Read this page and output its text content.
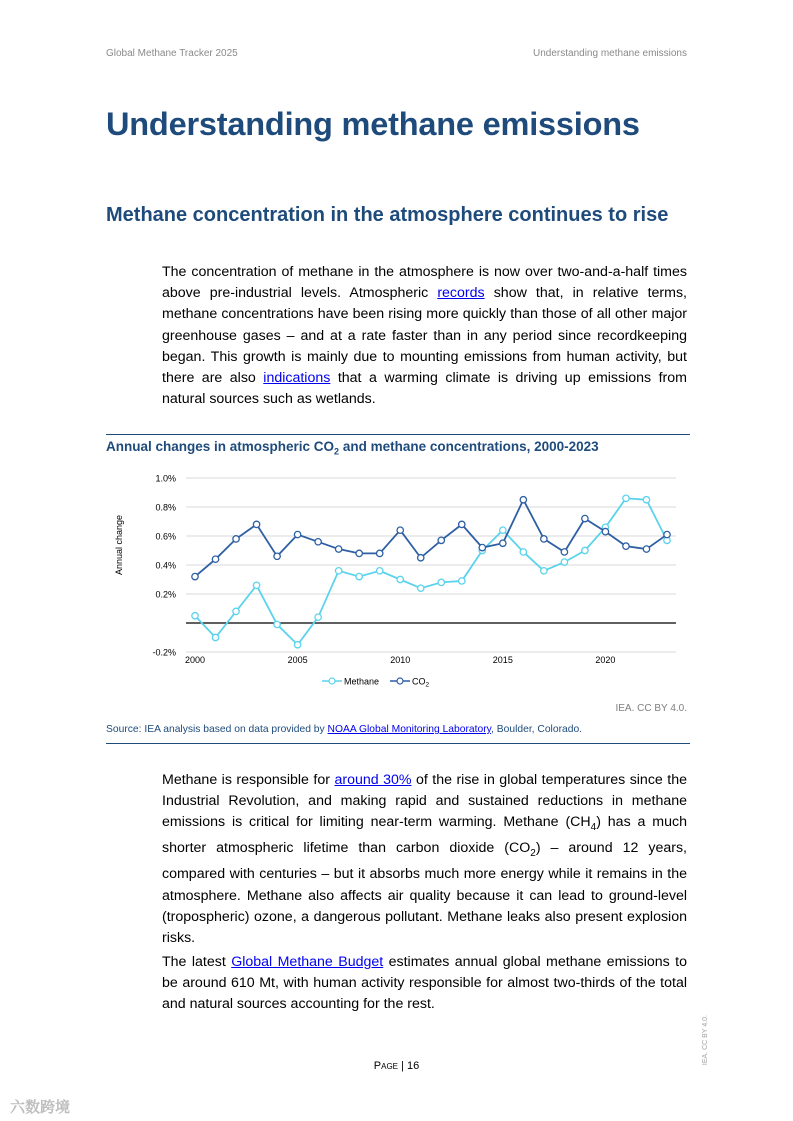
Global Methane Tracker 2025	Understanding methane emissions
Understanding methane emissions
Methane concentration in the atmosphere continues to rise

The concentration of methane in the atmosphere is now over two-and-a-half times above pre-industrial levels. Atmospheric records show that, in relative terms, methane concentrations have been rising more quickly than those of all other major greenhouse gases – and at a rate faster than in any period since recordkeeping began. This growth is mainly due to mounting emissions from human activity, but there are also indications that a warming climate is driving up emissions from natural sources such as wetlands.

Annual changes in atmospheric $CO_2$ and methane concentrations, 2000-2023
-0.2%
0.2%
0.4%
0.6%
0.8%
1.0%
2000	2005	2010	2015	2020
Annual change
Methane	$CO_2$
IEA. CC BY 4.0.
Source: IEA analysis based on data provided by NOAA Global Monitoring Laboratory, Boulder, Colorado.

Methane is responsible for around 30% of the rise in global temperatures since the Industrial Revolution, and making rapid and sustained reductions in methane emissions is critical for limiting near-term warming. Methane $(CH_4)$ has a much shorter atmospheric lifetime than carbon dioxide $(CO_2)$ – around 12 years, compared with centuries – but it absorbs much more energy while it remains in the atmosphere. Methane also affects air quality because it can lead to ground-level (tropospheric) ozone, a dangerous pollutant. Methane leaks also present explosion risks.

The latest Global Methane Budget estimates annual global methane emissions to be around 610 Mt, with human activity responsible for almost two-thirds of the total and natural sources accounting for the rest.

Page | 16
IEA. CC BY 4.0.
六数跨境
